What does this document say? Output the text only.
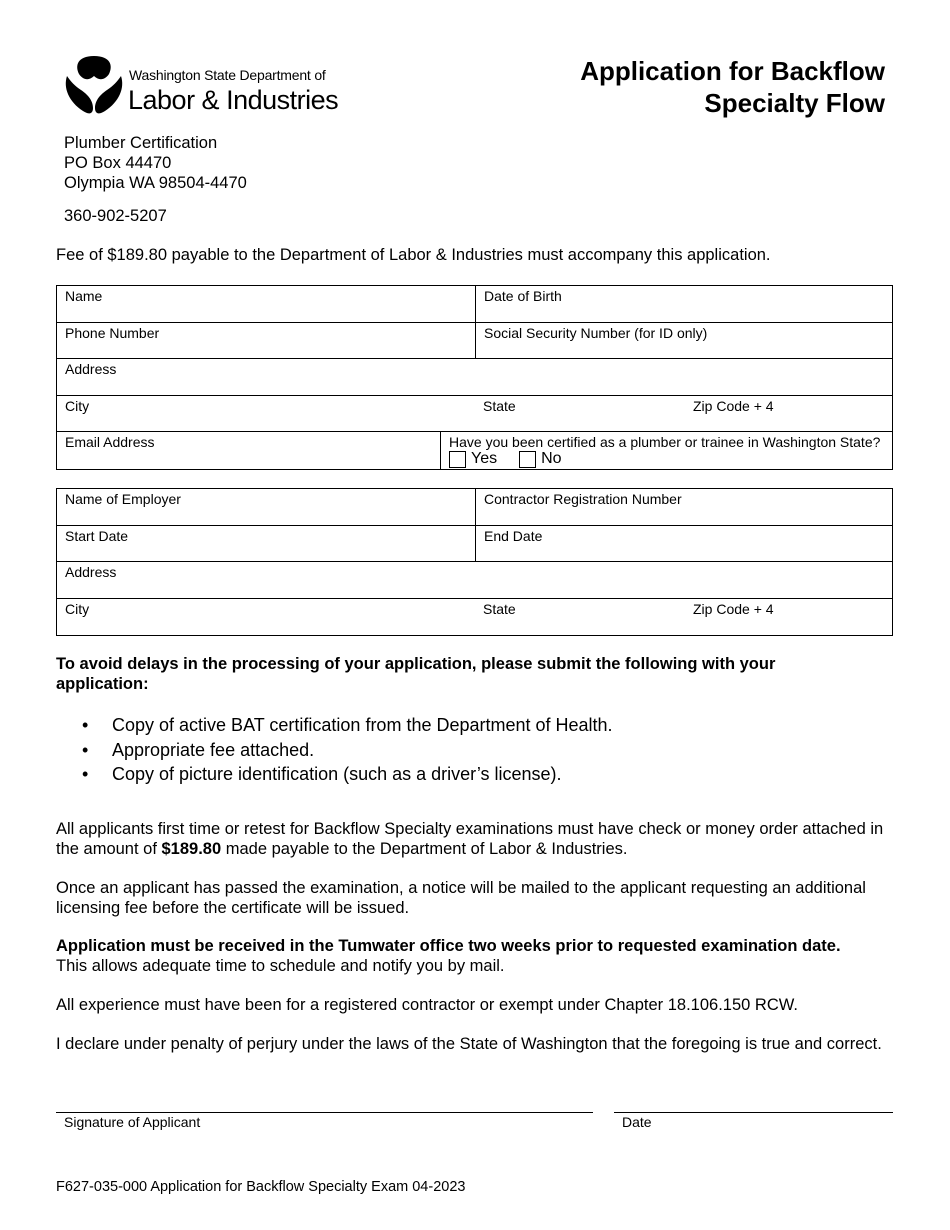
Washington State Department of
Labor & Industries
Application for Backflow
Specialty Flow
Plumber Certification
PO Box 44470
Olympia WA 98504-4470
360-902-5207
Fee of $189.80 payable to the Department of Labor & Industries must accompany this application.
Name	Date of Birth
Phone Number	Social Security Number (for ID only)
Address
City	State	Zip Code + 4
Email Address	Have you been certified as a plumber or trainee in Washington State?
Yes	No
Name of Employer	Contractor Registration Number
Start Date	End Date
Address
City	State	Zip Code + 4
To avoid delays in the processing of your application, please submit the following with your application:
• Copy of active BAT certification from the Department of Health.
• Appropriate fee attached.
• Copy of picture identification (such as a driver’s license).
All applicants first time or retest for Backflow Specialty examinations must have check or money order attached in the amount of $189.80 made payable to the Department of Labor & Industries.
Once an applicant has passed the examination, a notice will be mailed to the applicant requesting an additional licensing fee before the certificate will be issued.
Application must be received in the Tumwater office two weeks prior to requested examination date.
This allows adequate time to schedule and notify you by mail.
All experience must have been for a registered contractor or exempt under Chapter 18.106.150 RCW.
I declare under penalty of perjury under the laws of the State of Washington that the foregoing is true and correct.
Signature of Applicant	Date
F627-035-000 Application for Backflow Specialty Exam 04-2023
